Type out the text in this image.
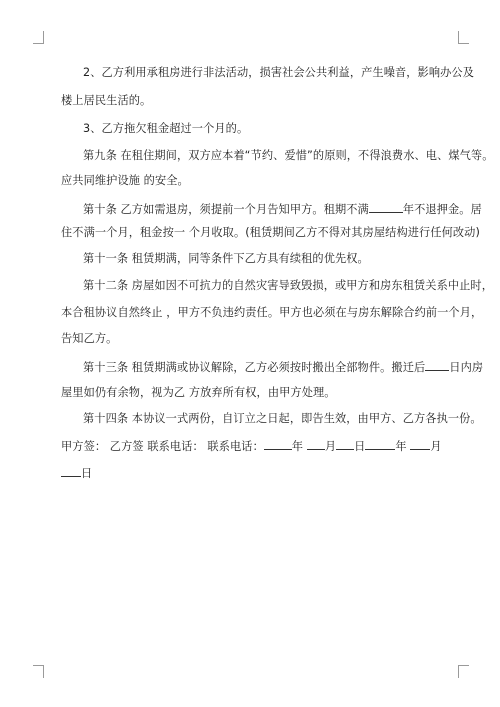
2、乙方利用承租房进行非法活动，损害社会公共利益，产生噪音，影响办公及
楼上居民生活的。
3、乙方拖欠租金超过一个月的。
第九条 在租住期间，双方应本着“节约、爱惜”的原则，不得浪费水、电、煤气等。
应共同维护设施 的安全。
第十条 乙方如需退房，须提前一个月告知甲方。租期不满	年不退押金。居
住不满一个月，租金按一 个月收取。(租赁期间乙方不得对其房屋结构进行任何改动)
第十一条 租赁期满，同等条件下乙方具有续租的优先权。
第十二条 房屋如因不可抗力的自然灾害导致毁损，或甲方和房东租赁关系中止时，
本合租协议自然终止 ，甲方不负违约责任。甲方也必须在与房东解除合约前一个月，
告知乙方。
第十三条 租赁期满或协议解除，乙方必须按时搬出全部物件。搬迁后 日内房
屋里如仍有余物，视为乙 方放弃所有权，由甲方处理。
第十四条 本协议一式两份，自订立之日起，即告生效，由甲方、乙方各执一份。
甲方签： 乙方签 联系电话： 联系电话：	年 月 日	年 月
日
